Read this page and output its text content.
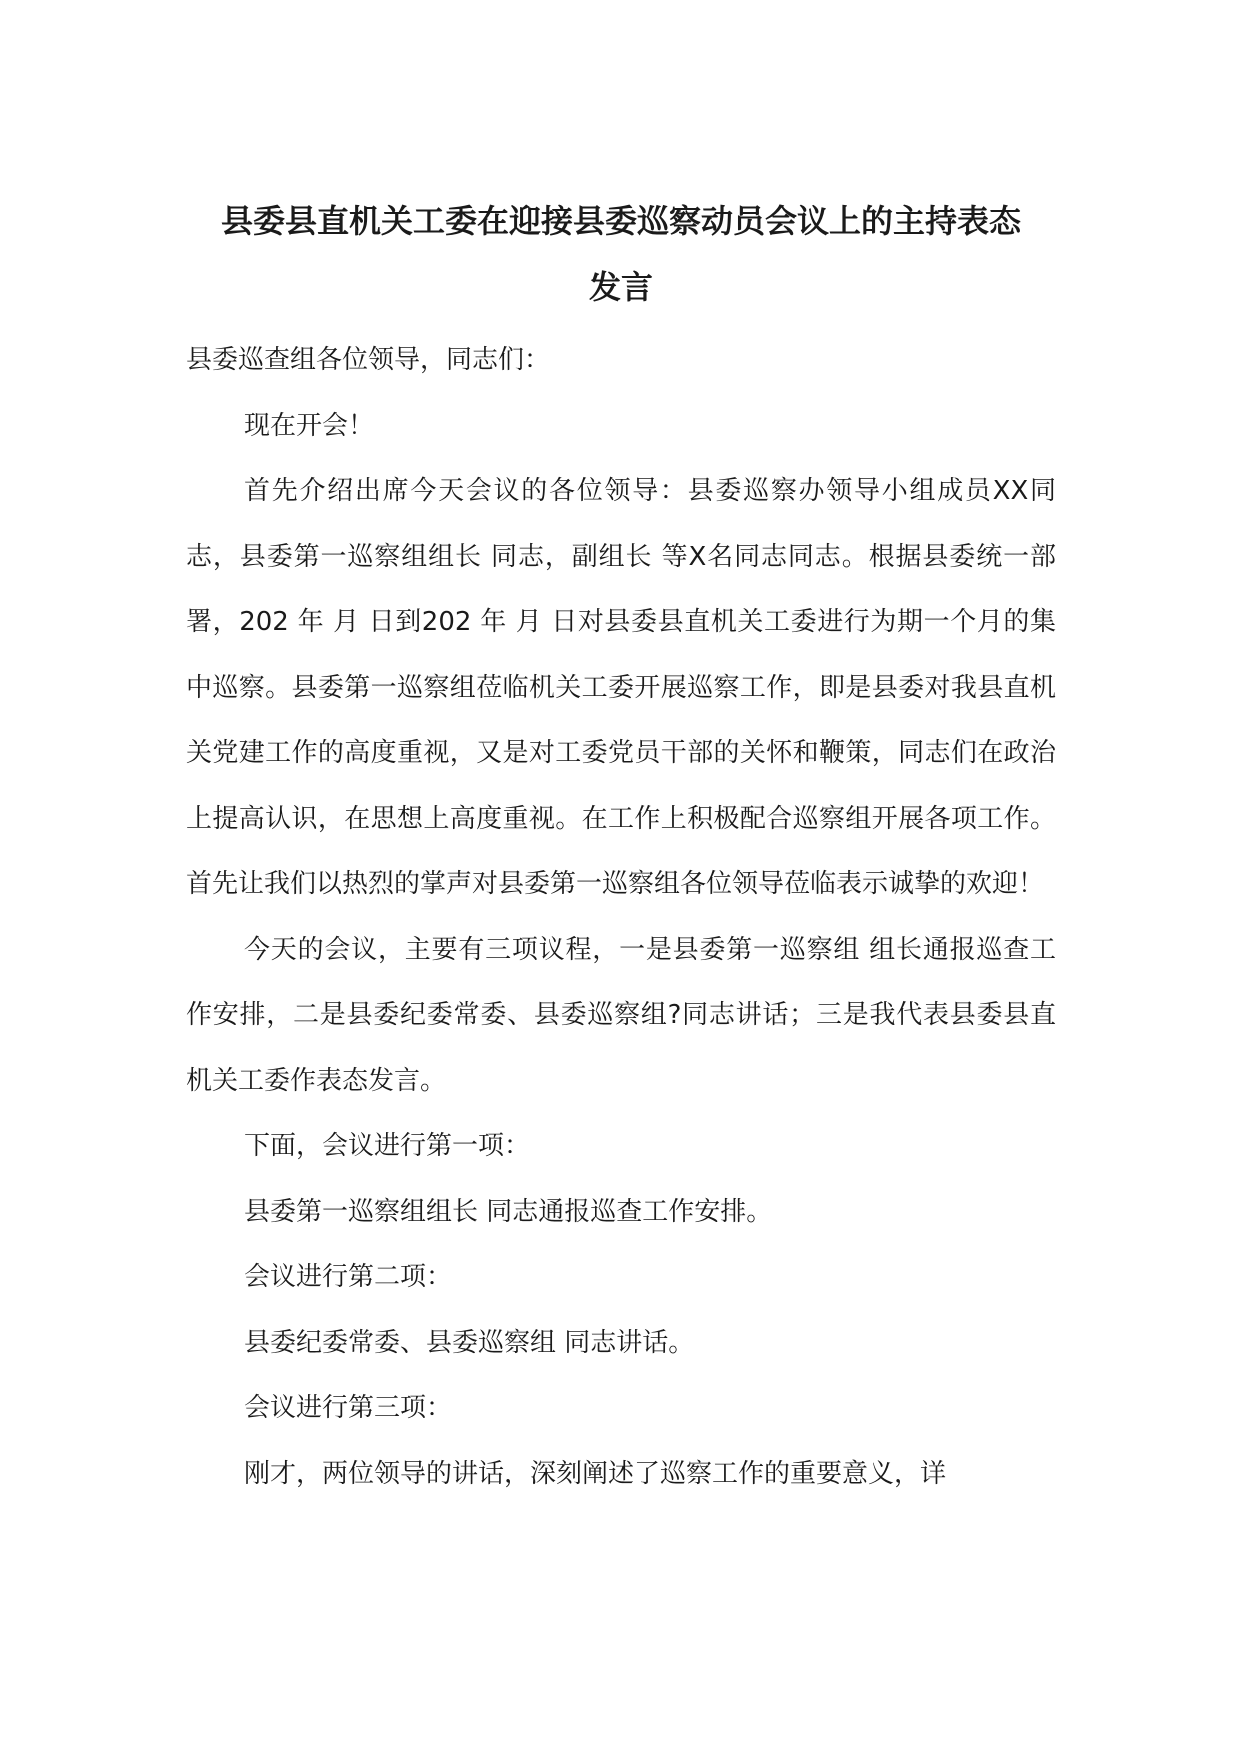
县委县直机关工委在迎接县委巡察动员会议上的主持表态
发言

县委巡查组各位领导，同志们：

现在开会！

首先介绍出席今天会议的各位领导：县委巡察办领导小组成员XX同志，县委第一巡察组组长 同志，副组长 等X名同志同志。根据县委统一部署，202 年 月 日到202 年 月 日对县委县直机关工委进行为期一个月的集中巡察。县委第一巡察组莅临机关工委开展巡察工作，即是县委对我县直机关党建工作的高度重视，又是对工委党员干部的关怀和鞭策，同志们在政治上提高认识，在思想上高度重视。在工作上积极配合巡察组开展各项工作。首先让我们以热烈的掌声对县委第一巡察组各位领导莅临表示诚挚的欢迎！

今天的会议，主要有三项议程，一是县委第一巡察组 组长通报巡查工作安排，二是县委纪委常委、县委巡察组?同志讲话；三是我代表县委县直机关工委作表态发言。

下面，会议进行第一项：

县委第一巡察组组长 同志通报巡查工作安排。

会议进行第二项：

县委纪委常委、县委巡察组 同志讲话。

会议进行第三项：

刚才，两位领导的讲话，深刻阐述了巡察工作的重要意义，详
